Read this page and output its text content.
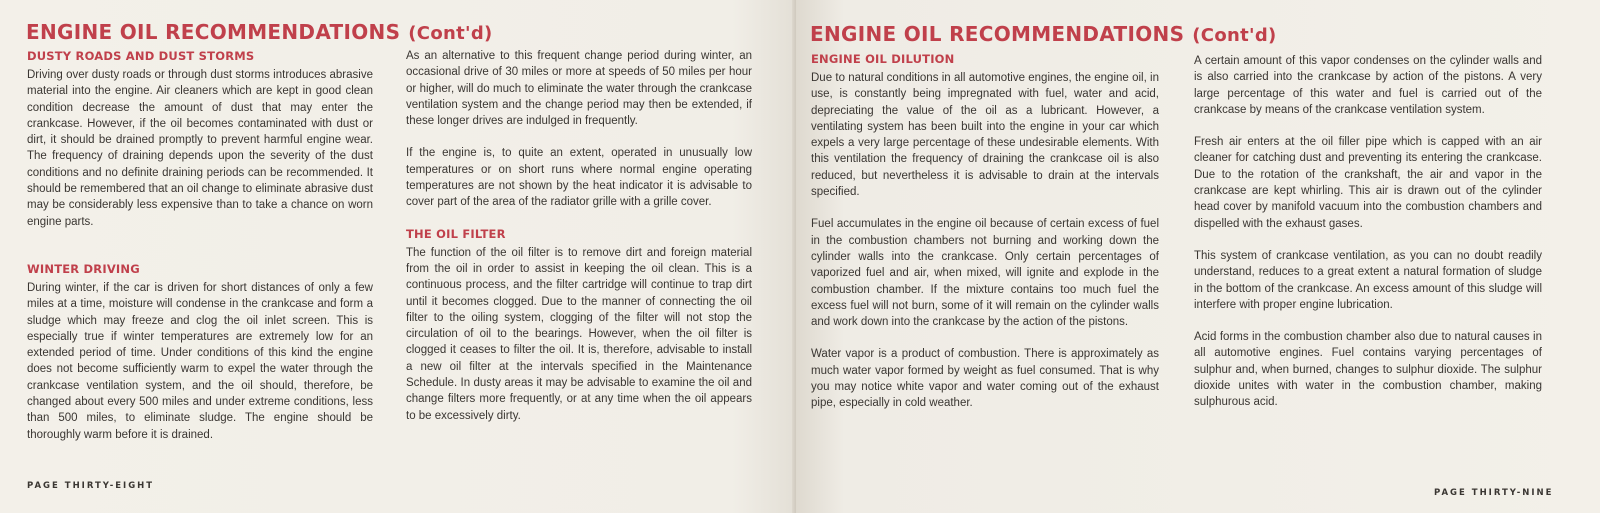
ENGINE OIL RECOMMENDATIONS (Cont'd)
DUSTY ROADS AND DUST STORMS

Driving over dusty roads or through dust storms introduces abrasive material into the engine. Air cleaners which are kept in good clean condition decrease the amount of dust that may enter the crankcase. However, if the oil becomes contaminated with dust or dirt, it should be drained promptly to prevent harmful engine wear. The frequency of draining depends upon the severity of the dust conditions and no definite draining periods can be recommended. It should be remembered that an oil change to eliminate abrasive dust may be considerably less expensive than to take a chance on worn engine parts.

WINTER DRIVING

During winter, if the car is driven for short distances of only a few miles at a time, moisture will condense in the crankcase and form a sludge which may freeze and clog the oil inlet screen. This is especially true if winter temperatures are extremely low for an extended period of time. Under conditions of this kind the engine does not become sufficiently warm to expel the water through the crankcase ventilation system, and the oil should, therefore, be changed about every 500 miles and under extreme conditions, less than 500 miles, to eliminate sludge. The engine should be thoroughly warm before it is drained.

As an alternative to this frequent change period during winter, an occasional drive of 30 miles or more at speeds of 50 miles per hour or higher, will do much to eliminate the water through the crankcase ventilation system and the change period may then be extended, if these longer drives are indulged in frequently.

If the engine is, to quite an extent, operated in unusually low temperatures or on short runs where normal engine operating temperatures are not shown by the heat indicator it is advisable to cover part of the area of the radiator grille with a grille cover.

THE OIL FILTER

The function of the oil filter is to remove dirt and foreign material from the oil in order to assist in keeping the oil clean. This is a continuous process, and the filter cartridge will continue to trap dirt until it becomes clogged. Due to the manner of connecting the oil filter to the oiling system, clogging of the filter will not stop the circulation of oil to the bearings. However, when the oil filter is clogged it ceases to filter the oil. It is, therefore, advisable to install a new oil filter at the intervals specified in the Maintenance Schedule. In dusty areas it may be advisable to examine the oil and change filters more frequently, or at any time when the oil appears to be excessively dirty.

PAGE THIRTY-EIGHT

ENGINE OIL RECOMMENDATIONS (Cont'd)
ENGINE OIL DILUTION

Due to natural conditions in all automotive engines, the engine oil, in use, is constantly being impregnated with fuel, water and acid, depreciating the value of the oil as a lubricant. However, a ventilating system has been built into the engine in your car which expels a very large percentage of these undesirable elements. With this ventilation the frequency of draining the crankcase oil is also reduced, but nevertheless it is advisable to drain at the intervals specified.

Fuel accumulates in the engine oil because of certain excess of fuel in the combustion chambers not burning and working down the cylinder walls into the crankcase. Only certain percentages of vaporized fuel and air, when mixed, will ignite and explode in the combustion chamber. If the mixture contains too much fuel the excess fuel will not burn, some of it will remain on the cylinder walls and work down into the crankcase by the action of the pistons.

Water vapor is a product of combustion. There is approximately as much water vapor formed by weight as fuel consumed. That is why you may notice white vapor and water coming out of the exhaust pipe, especially in cold weather.

A certain amount of this vapor condenses on the cylinder walls and is also carried into the crankcase by action of the pistons. A very large percentage of this water and fuel is carried out of the crankcase by means of the crankcase ventilation system.

Fresh air enters at the oil filler pipe which is capped with an air cleaner for catching dust and preventing its entering the crankcase. Due to the rotation of the crankshaft, the air and vapor in the crankcase are kept whirling. This air is drawn out of the cylinder head cover by manifold vacuum into the combustion chambers and dispelled with the exhaust gases.

This system of crankcase ventilation, as you can no doubt readily understand, reduces to a great extent a natural formation of sludge in the bottom of the crankcase. An excess amount of this sludge will interfere with proper engine lubrication.

Acid forms in the combustion chamber also due to natural causes in all automotive engines. Fuel contains varying percentages of sulphur and, when burned, changes to sulphur dioxide. The sulphur dioxide unites with water in the combustion chamber, making sulphurous acid.

PAGE THIRTY-NINE
